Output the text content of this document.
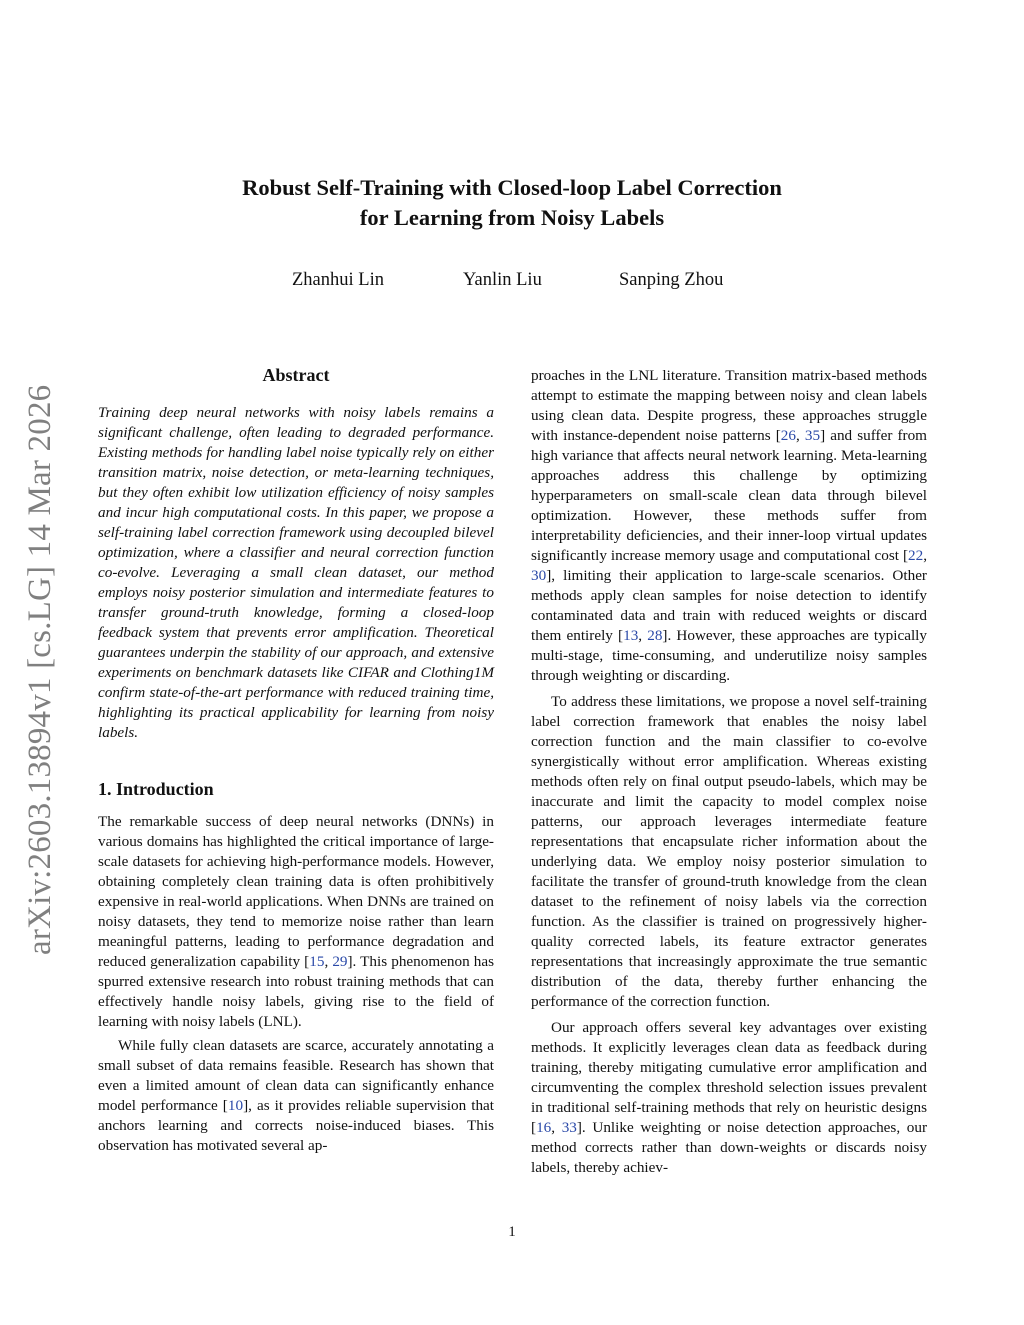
arXiv:2603.13894v1 [cs.LG] 14 Mar 2026
Robust Self-Training with Closed-loop Label Correction
for Learning from Noisy Labels
Zhanhui Lin	Yanlin Liu	Sanping Zhou
Abstract

Training deep neural networks with noisy labels remains a significant challenge, often leading to degraded performance. Existing methods for handling label noise typically rely on either transition matrix, noise detection, or meta-learning techniques, but they often exhibit low utilization efficiency of noisy samples and incur high computational costs. In this paper, we propose a self-training label correction framework using decoupled bilevel optimization, where a classifier and neural correction function co-evolve. Leveraging a small clean dataset, our method employs noisy posterior simulation and intermediate features to transfer ground-truth knowledge, forming a closed-loop feedback system that prevents error amplification. Theoretical guarantees underpin the stability of our approach, and extensive experiments on benchmark datasets like CIFAR and Clothing1M confirm state-of-the-art performance with reduced training time, highlighting its practical applicability for learning from noisy labels.

1. Introduction

The remarkable success of deep neural networks (DNNs) in various domains has highlighted the critical importance of large-scale datasets for achieving high-performance models. However, obtaining completely clean training data is often prohibitively expensive in real-world applications. When DNNs are trained on noisy datasets, they tend to memorize noise rather than learn meaningful patterns, leading to performance degradation and reduced generalization capability [15, 29]. This phenomenon has spurred extensive research into robust training methods that can effectively handle noisy labels, giving rise to the field of learning with noisy labels (LNL).

While fully clean datasets are scarce, accurately annotating a small subset of data remains feasible. Research has shown that even a limited amount of clean data can significantly enhance model performance [10], as it provides reliable supervision that anchors learning and corrects noise-induced biases. This observation has motivated several ap-

proaches in the LNL literature. Transition matrix-based methods attempt to estimate the mapping between noisy and clean labels using clean data. Despite progress, these approaches struggle with instance-dependent noise patterns [26, 35] and suffer from high variance that affects neural network learning. Meta-learning approaches address this challenge by optimizing hyperparameters on small-scale clean data through bilevel optimization. However, these methods suffer from interpretability deficiencies, and their inner-loop virtual updates significantly increase memory usage and computational cost [22, 30], limiting their application to large-scale scenarios. Other methods apply clean samples for noise detection to identify contaminated data and train with reduced weights or discard them entirely [13, 28]. However, these approaches are typically multi-stage, time-consuming, and underutilize noisy samples through weighting or discarding.

To address these limitations, we propose a novel self-training label correction framework that enables the noisy label correction function and the main classifier to co-evolve synergistically without error amplification. Whereas existing methods often rely on final output pseudo-labels, which may be inaccurate and limit the capacity to model complex noise patterns, our approach leverages intermediate feature representations that encapsulate richer information about the underlying data. We employ noisy posterior simulation to facilitate the transfer of ground-truth knowledge from the clean dataset to the refinement of noisy labels via the correction function. As the classifier is trained on progressively higher-quality corrected labels, its feature extractor generates representations that increasingly approximate the true semantic distribution of the data, thereby further enhancing the performance of the correction function.

Our approach offers several key advantages over existing methods. It explicitly leverages clean data as feedback during training, thereby mitigating cumulative error amplification and circumventing the complex threshold selection issues prevalent in traditional self-training methods that rely on heuristic designs [16, 33]. Unlike weighting or noise detection approaches, our method corrects rather than down-weights or discards noisy labels, thereby achiev-

1
